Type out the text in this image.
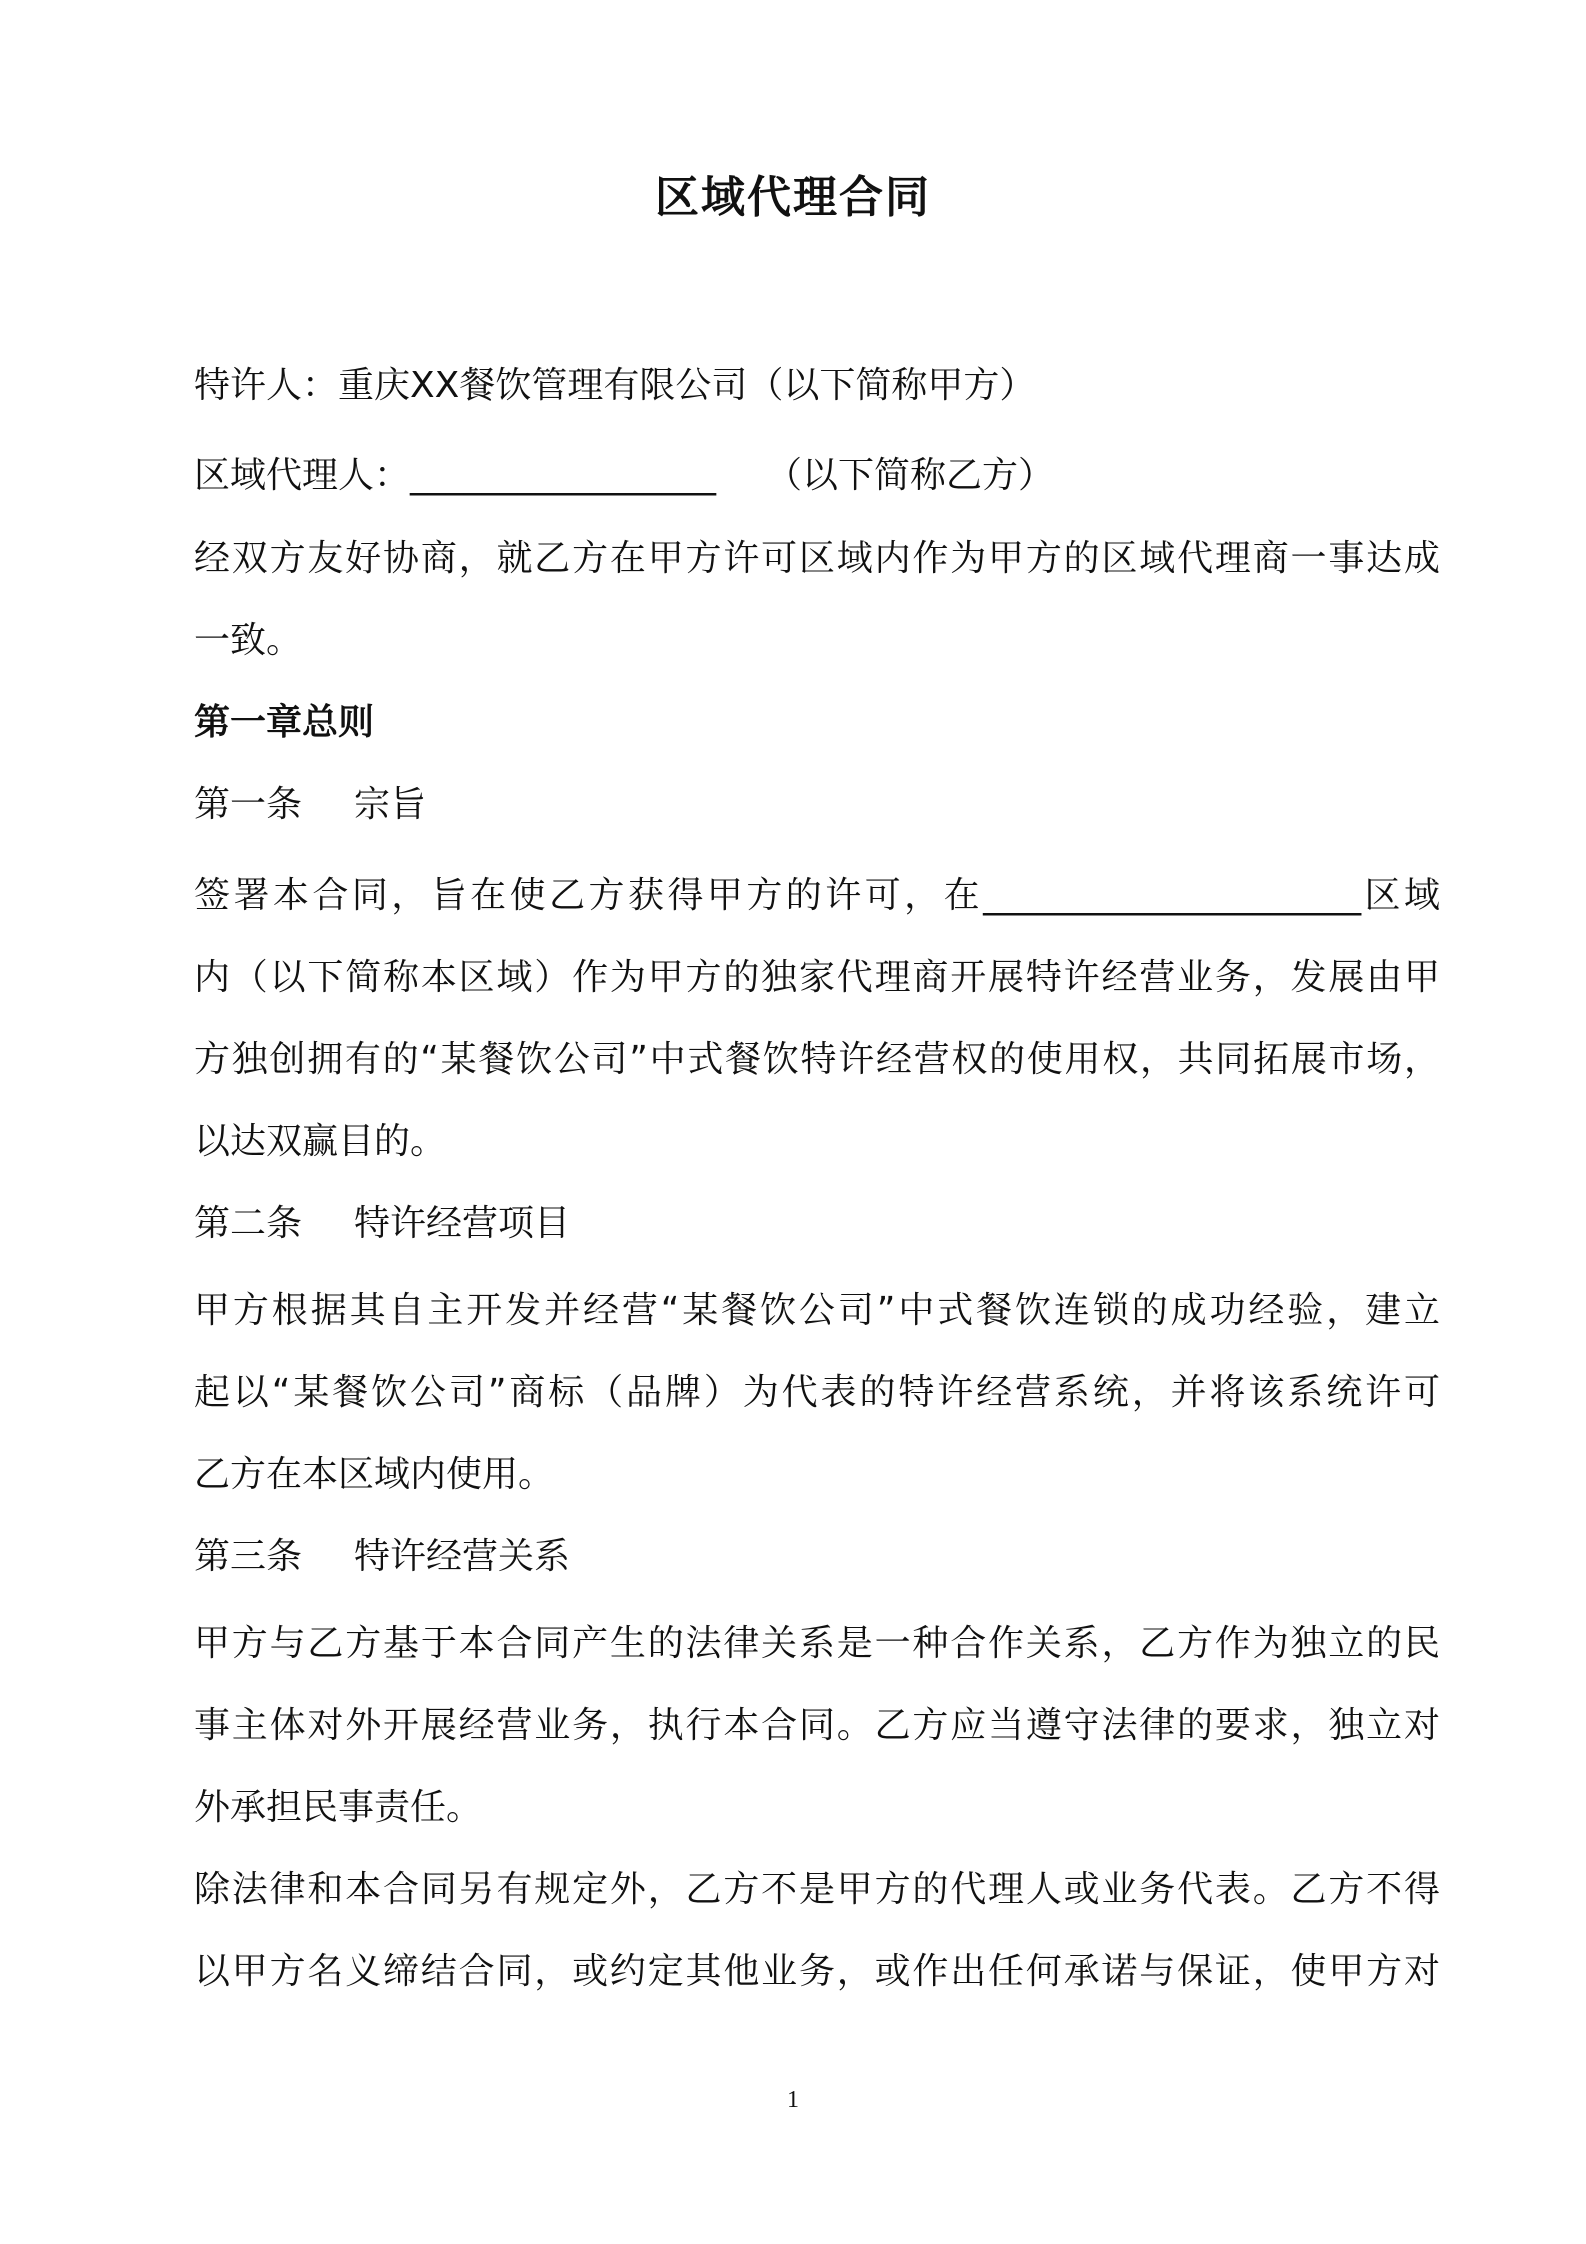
区域代理合同
特许人：重庆XX餐饮管理有限公司（以下简称甲方）
区域代理人：_________________ （以下简称乙方）
经双方友好协商，就乙方在甲方许可区域内作为甲方的区域代理商一事达成
一致。
第一章总则
第一条 宗旨
签署本合同，旨在使乙方获得甲方的许可，在_____________________区域
内（以下简称本区域）作为甲方的独家代理商开展特许经营业务，发展由甲
方独创拥有的“某餐饮公司”中式餐饮特许经营权的使用权，共同拓展市场，
以达双赢目的。
第二条 特许经营项目
甲方根据其自主开发并经营“某餐饮公司”中式餐饮连锁的成功经验，建立
起以“某餐饮公司”商标（品牌）为代表的特许经营系统，并将该系统许可
乙方在本区域内使用。
第三条 特许经营关系
甲方与乙方基于本合同产生的法律关系是一种合作关系，乙方作为独立的民
事主体对外开展经营业务，执行本合同。乙方应当遵守法律的要求，独立对
外承担民事责任。
除法律和本合同另有规定外，乙方不是甲方的代理人或业务代表。乙方不得
以甲方名义缔结合同，或约定其他业务，或作出任何承诺与保证，使甲方对
1
